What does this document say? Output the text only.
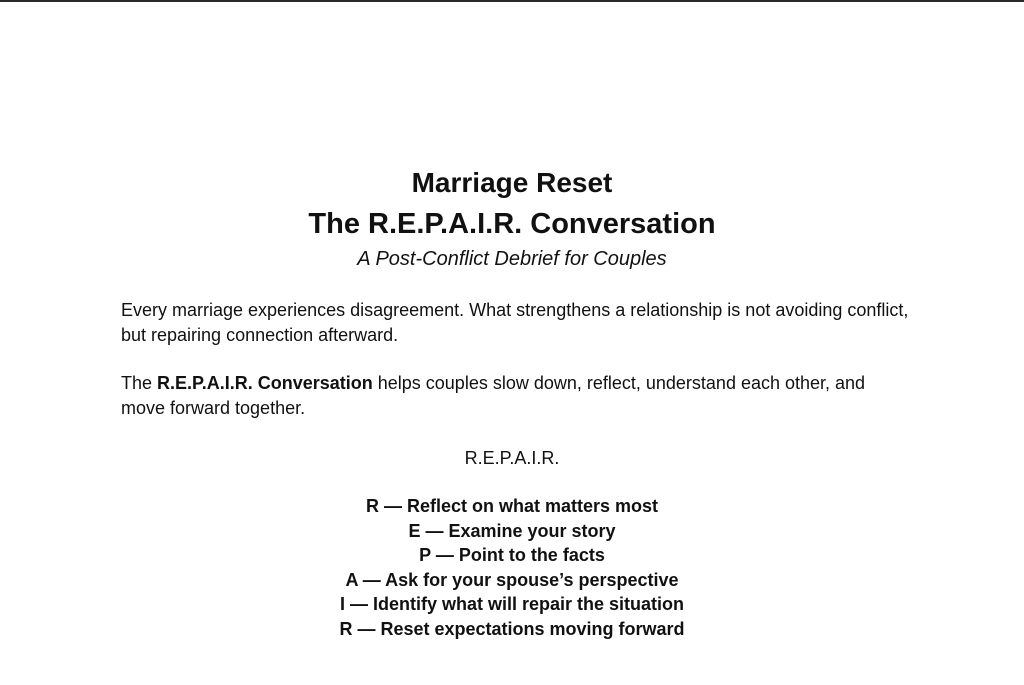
Marriage Reset
The R.E.P.A.I.R. Conversation

A Post-Conflict Debrief for Couples

Every marriage experiences disagreement. What strengthens a relationship is not avoiding conflict, but repairing connection afterward.

The R.E.P.A.I.R. Conversation helps couples slow down, reflect, understand each other, and move forward together.

R.E.P.A.I.R.

R — Reflect on what matters most
E — Examine your story
P — Point to the facts
A — Ask for your spouse’s perspective
I — Identify what will repair the situation
R — Reset expectations moving forward
